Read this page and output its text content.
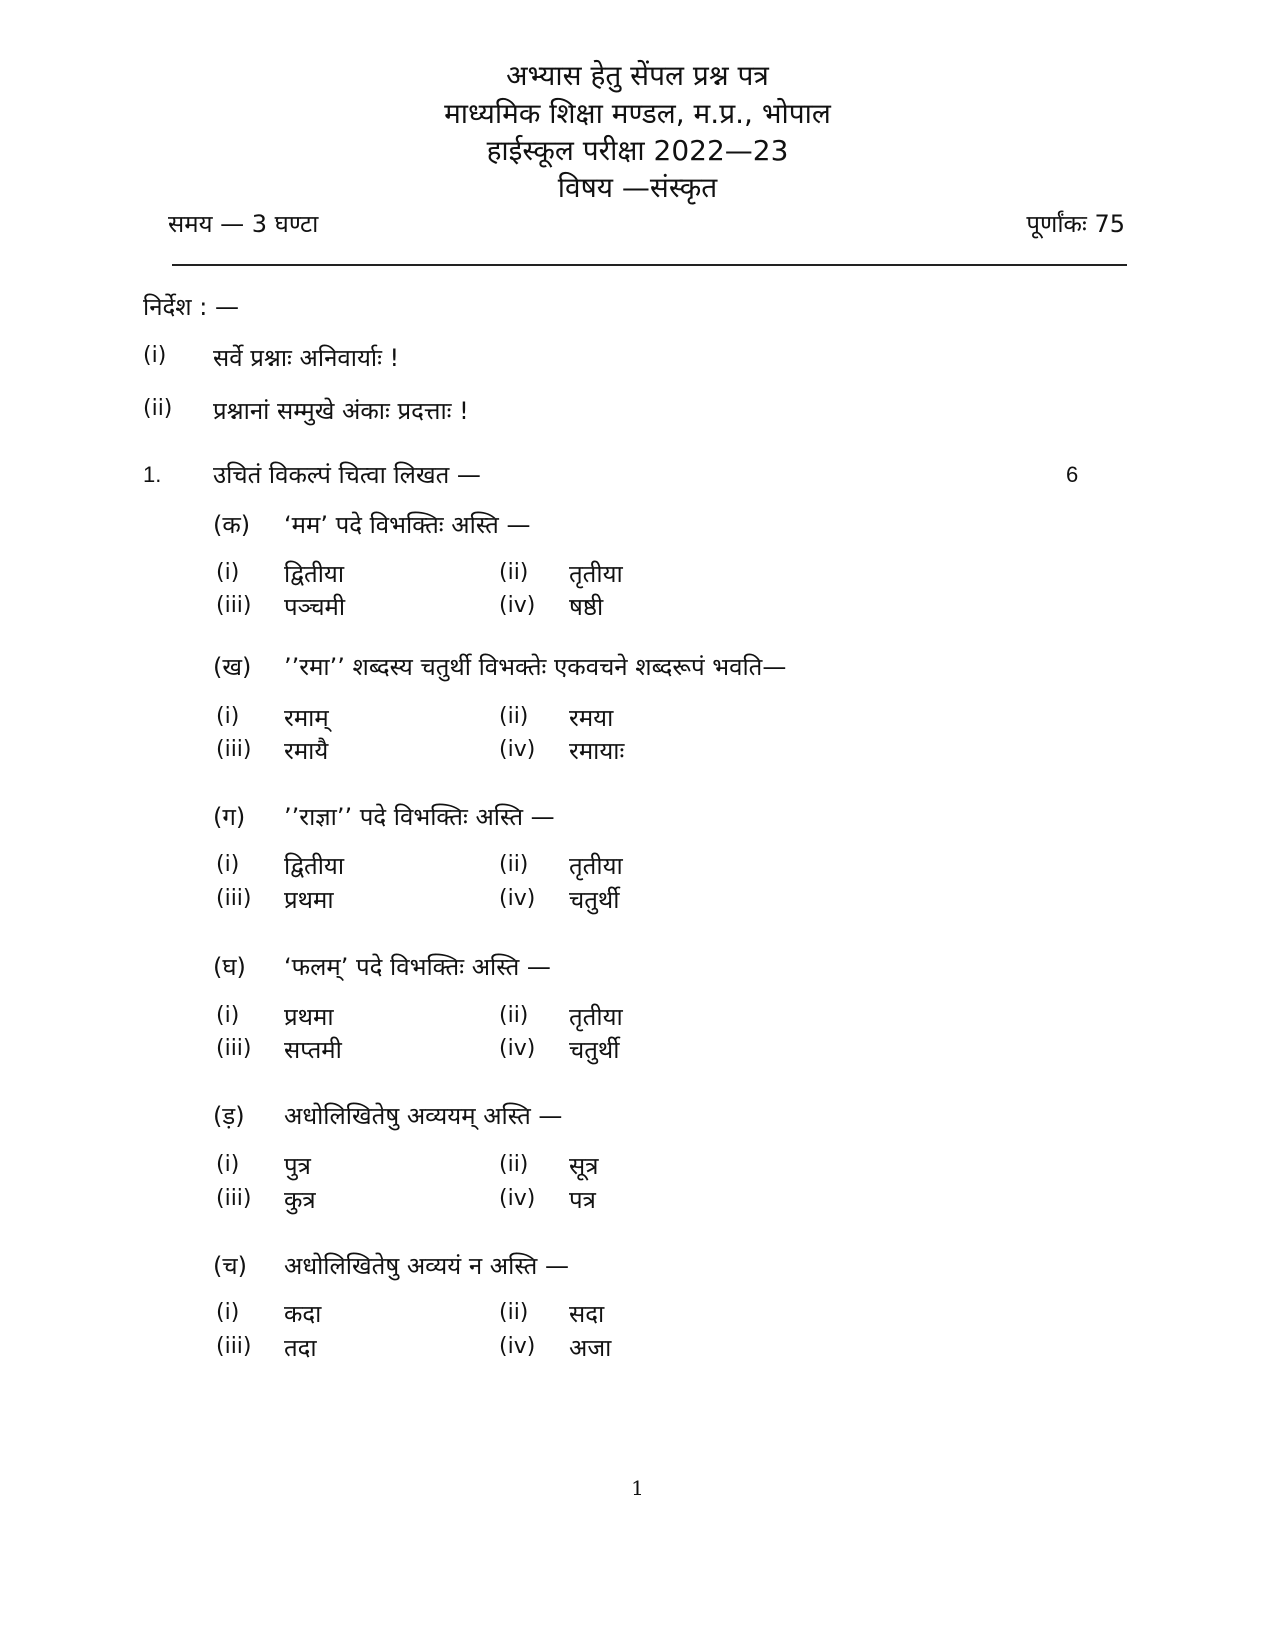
अभ्यास हेतु सेंपल प्रश्न पत्र
माध्यमिक शिक्षा मण्डल, म.प्र., भोपाल
हाईस्कूल परीक्षा 2022—23
विषय —संस्कृत
समय — 3 घण्टा	पूर्णांकः 75
निर्देश : —
(i) सर्वे प्रश्नाः अनिवार्याः !
(ii) प्रश्नानां सम्मुखे अंकाः प्रदत्ताः !
1. उचितं विकल्पं चित्वा लिखत —	6
(क) ‘मम’ पदे विभक्तिः अस्ति —
(i) द्वितीया	(ii) तृतीया
(iii) पञ्चमी	(iv) षष्ठी
(ख) ’’रमा’’ शब्दस्य चतुर्थी विभक्तेः एकवचने शब्दरूपं भवति—
(i) रमाम्	(ii) रमया
(iii) रमायै	(iv) रमायाः
(ग) ’’राज्ञा’’ पदे विभक्तिः अस्ति —
(i) द्वितीया	(ii) तृतीया
(iii) प्रथमा	(iv) चतुर्थी
(घ) ‘फलम्’ पदे विभक्तिः अस्ति —
(i) प्रथमा	(ii) तृतीया
(iii) सप्तमी	(iv) चतुर्थी
(ड़) अधोलिखितेषु अव्ययम् अस्ति —
(i) पुत्र	(ii) सूत्र
(iii) कुत्र	(iv) पत्र
(च) अधोलिखितेषु अव्ययं न अस्ति —
(i) कदा	(ii) सदा
(iii) तदा	(iv) अजा
1
